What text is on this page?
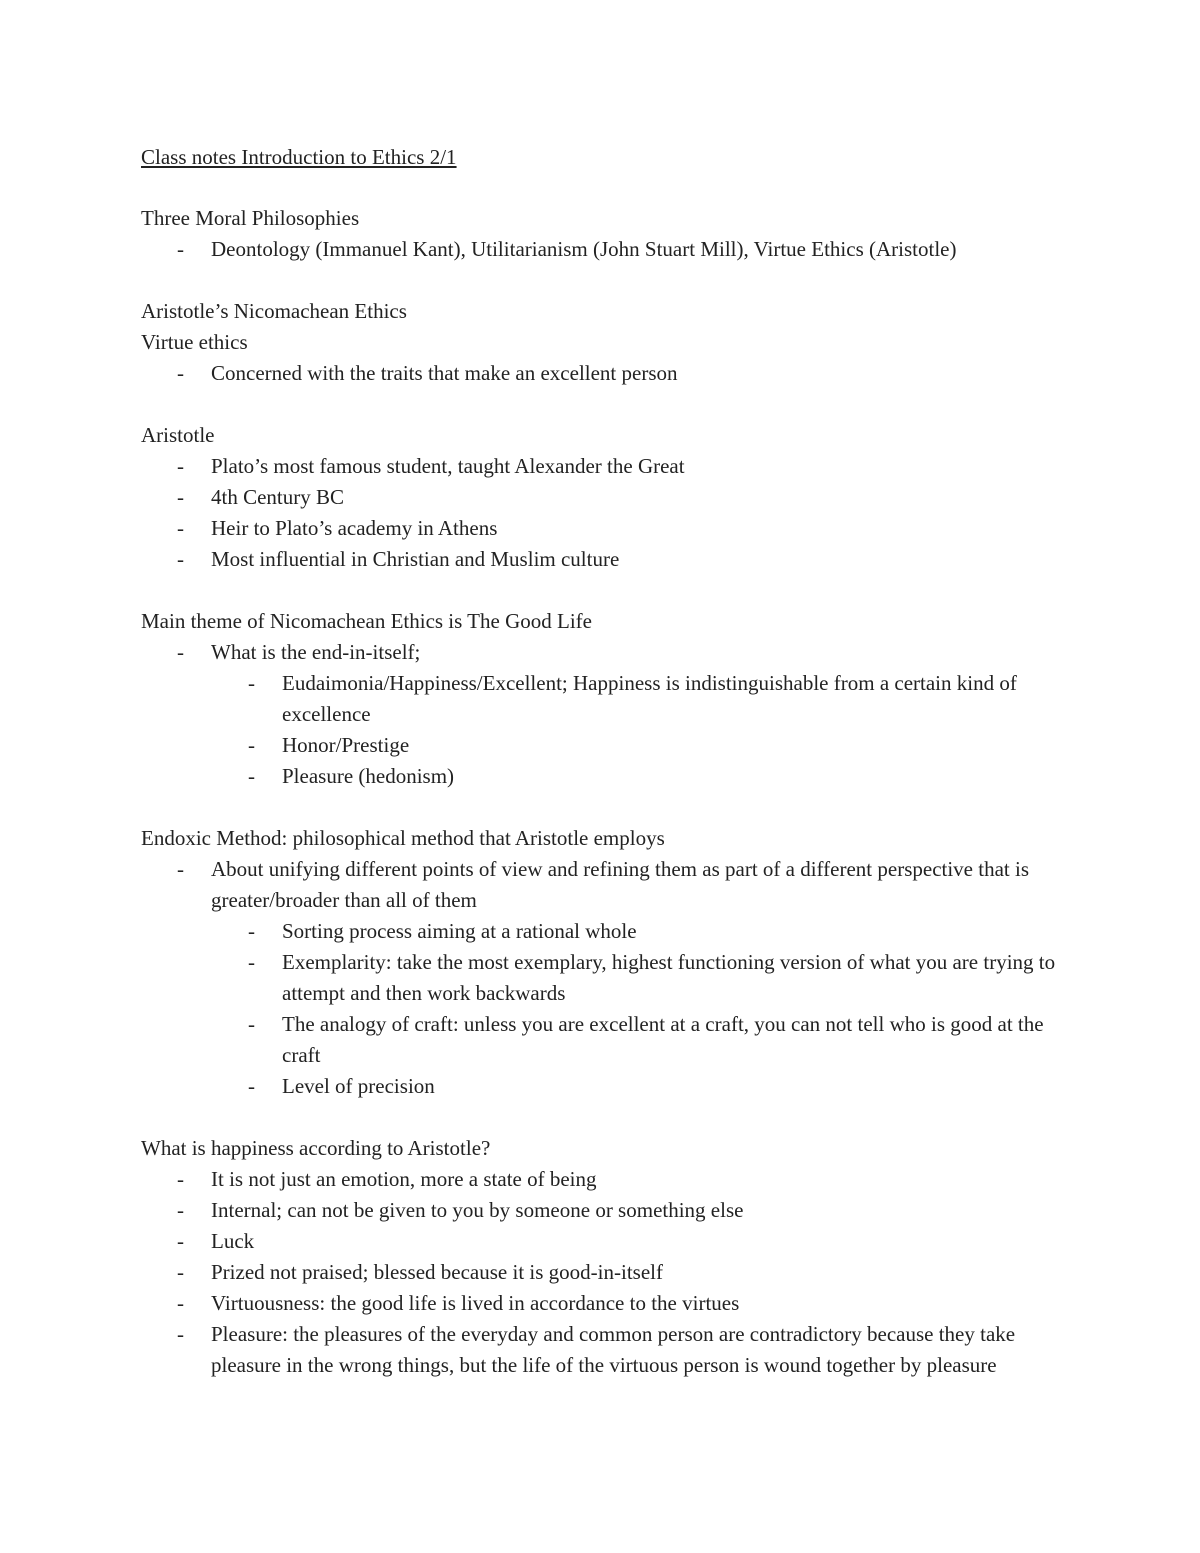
Class notes Introduction to Ethics 2/1

Three Moral Philosophies

- Deontology (Immanuel Kant), Utilitarianism (John Stuart Mill), Virtue Ethics (Aristotle)

Aristotle’s Nicomachean Ethics

Virtue ethics

- Concerned with the traits that make an excellent person

Aristotle

- Plato’s most famous student, taught Alexander the Great

- 4th Century BC

- Heir to Plato’s academy in Athens

- Most influential in Christian and Muslim culture

Main theme of Nicomachean Ethics is The Good Life

- What is the end-in-itself;

- Eudaimonia/Happiness/Excellent; Happiness is indistinguishable from a certain kind of excellence

- Honor/Prestige

- Pleasure (hedonism)

Endoxic Method: philosophical method that Aristotle employs

- About unifying different points of view and refining them as part of a different perspective that is greater/broader than all of them

- Sorting process aiming at a rational whole

- Exemplarity: take the most exemplary, highest functioning version of what you are trying to attempt and then work backwards

- The analogy of craft: unless you are excellent at a craft, you can not tell who is good at the craft

- Level of precision

What is happiness according to Aristotle?

- It is not just an emotion, more a state of being

- Internal; can not be given to you by someone or something else

- Luck

- Prized not praised; blessed because it is good-in-itself

- Virtuousness: the good life is lived in accordance to the virtues

- Pleasure: the pleasures of the everyday and common person are contradictory because they take pleasure in the wrong things, but the life of the virtuous person is wound together by pleasure
